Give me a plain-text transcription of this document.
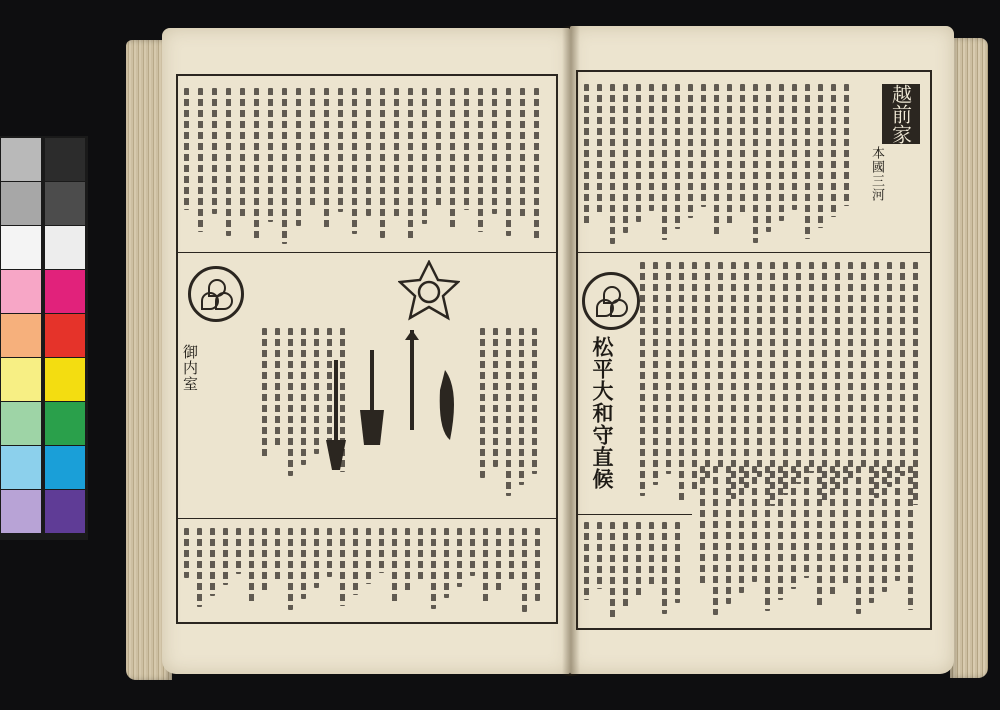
御内室
越前家
本國三河
松平大和守直候
